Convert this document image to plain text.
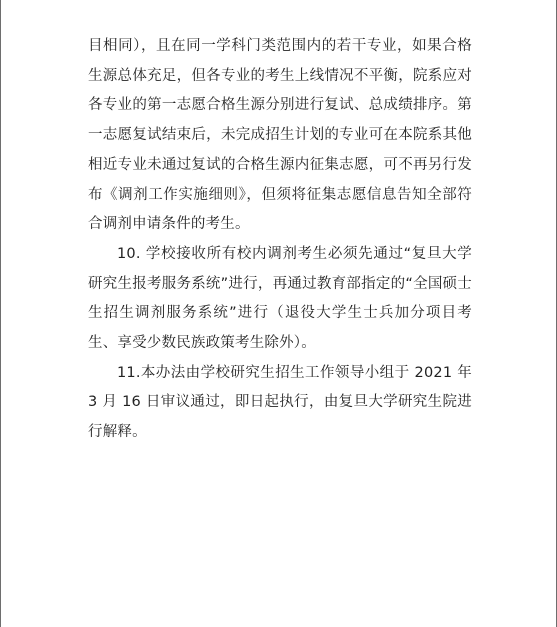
目相同），且在同一学科门类范围内的若干专业，如果合格生源总体充足，但各专业的考生上线情况不平衡，院系应对各专业的第一志愿合格生源分别进行复试、总成绩排序。第一志愿复试结束后，未完成招生计划的专业可在本院系其他相近专业未通过复试的合格生源内征集志愿，可不再另行发布《调剂工作实施细则》，但须将征集志愿信息告知全部符合调剂申请条件的考生。

10. 学校接收所有校内调剂考生必须先通过“复旦大学研究生报考服务系统”进行，再通过教育部指定的“全国硕士生招生调剂服务系统”进行（退役大学生士兵加分项目考生、享受少数民族政策考生除外）。

11.本办法由学校研究生招生工作领导小组于 2021 年 3 月 16 日审议通过，即日起执行，由复旦大学研究生院进行解释。
